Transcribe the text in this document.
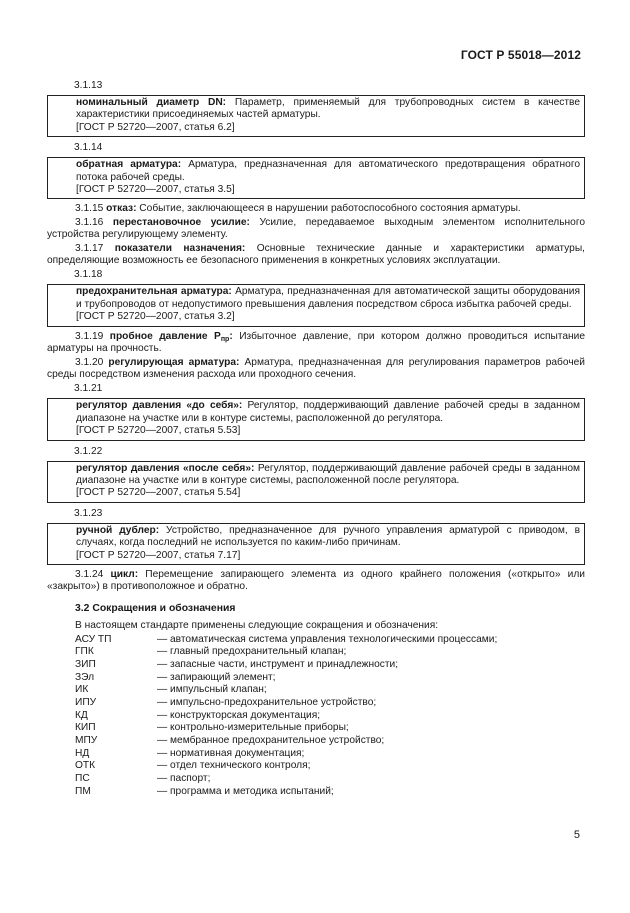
ГОСТ Р 55018—2012
3.1.13
номинальный диаметр DN: Параметр, применяемый для трубопроводных систем в качестве характеристики присоединяемых частей арматуры.
[ГОСТ Р 52720—2007, статья 6.2]
3.1.14
обратная арматура: Арматура, предназначенная для автоматического предотвращения обратного потока рабочей среды.
[ГОСТ Р 52720—2007, статья 3.5]
3.1.15 отказ: Событие, заключающееся в нарушении работоспособного состояния арматуры.
3.1.16 перестановочное усилие: Усилие, передаваемое выходным элементом исполнительного устройства регулирующему элементу.
3.1.17 показатели назначения: Основные технические данные и характеристики арматуры, определяющие возможность ее безопасного применения в конкретных условиях эксплуатации.
3.1.18
предохранительная арматура: Арматура, предназначенная для автоматической защиты оборудования и трубопроводов от недопустимого превышения давления посредством сброса избытка рабочей среды.
[ГОСТ Р 52720—2007, статья 3.2]
3.1.19 пробное давление $P_{пр}$: Избыточное давление, при котором должно проводиться испытание арматуры на прочность.
3.1.20 регулирующая арматура: Арматура, предназначенная для регулирования параметров рабочей среды посредством изменения расхода или проходного сечения.
3.1.21
регулятор давления «до себя»: Регулятор, поддерживающий давление рабочей среды в заданном диапазоне на участке или в контуре системы, расположенной до регулятора.
[ГОСТ Р 52720—2007, статья 5.53]
3.1.22
регулятор давления «после себя»: Регулятор, поддерживающий давление рабочей среды в заданном диапазоне на участке или в контуре системы, расположенной после регулятора.
[ГОСТ Р 52720—2007, статья 5.54]
3.1.23
ручной дублер: Устройство, предназначенное для ручного управления арматурой с приводом, в случаях, когда последний не используется по каким-либо причинам.
[ГОСТ Р 52720—2007, статья 7.17]
3.1.24 цикл: Перемещение запирающего элемента из одного крайнего положения («открыто» или «закрыто») в противоположное и обратно.
3.2 Сокращения и обозначения
В настоящем стандарте применены следующие сокращения и обозначения:
АСУ ТП	— автоматическая система управления технологическими процессами;
ГПК	— главный предохранительный клапан;
ЗИП	— запасные части, инструмент и принадлежности;
ЗЭл	— запирающий элемент;
ИК	— импульсный клапан;
ИПУ	— импульсно-предохранительное устройство;
КД	— конструкторская документация;
КИП	— контрольно-измерительные приборы;
МПУ	— мембранное предохранительное устройство;
НД	— нормативная документация;
ОТК	— отдел технического контроля;
ПС	— паспорт;
ПМ	— программа и методика испытаний;
5
